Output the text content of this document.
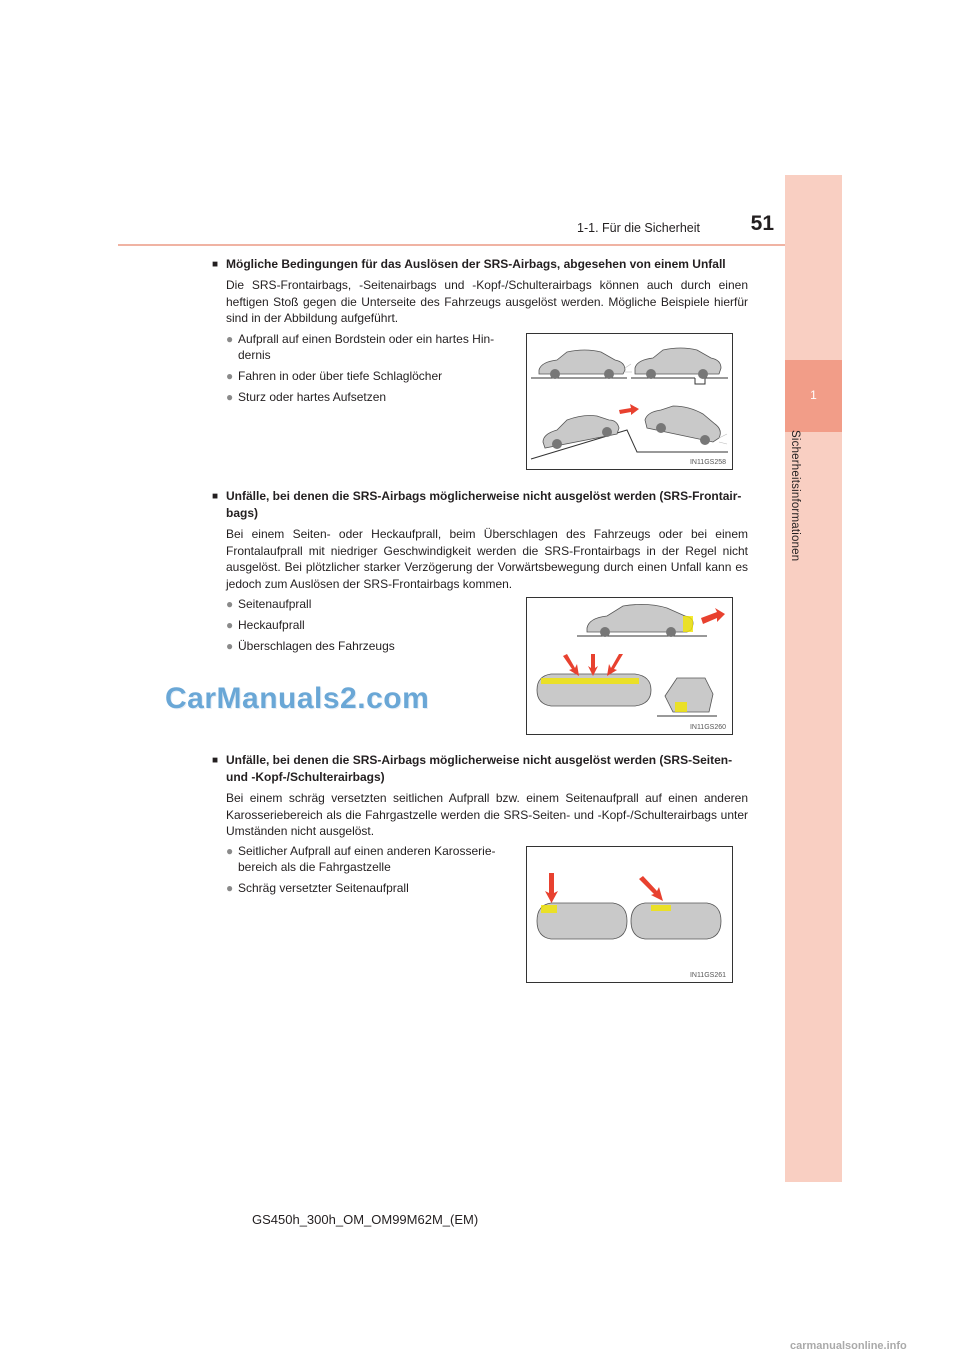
1-1. Für die Sicherheit	51
1
Sicherheitsinformationen
■ Mögliche Bedingungen für das Auslösen der SRS-Airbags, abgesehen von einem Unfall
Die SRS-Frontairbags, -Seitenairbags und -Kopf-/Schulterairbags können auch durch einen heftigen Stoß gegen die Unterseite des Fahrzeugs ausgelöst werden. Mögliche Beispiele hierfür sind in der Abbildung aufgeführt.
● Aufprall auf einen Bordstein oder ein hartes Hin-dernis
● Fahren in oder über tiefe Schlaglöcher
● Sturz oder hartes Aufsetzen
IN11GS258
■ Unfälle, bei denen die SRS-Airbags möglicherweise nicht ausgelöst werden (SRS-Frontair-bags)
Bei einem Seiten- oder Heckaufprall, beim Überschlagen des Fahrzeugs oder bei einem Frontalaufprall mit niedriger Geschwindigkeit werden die SRS-Frontairbags in der Regel nicht ausgelöst. Bei plötzlicher starker Verzögerung der Vorwärtsbewegung durch einen Unfall kann es jedoch zum Auslösen der SRS-Frontairbags kommen.
● Seitenaufprall
● Heckaufprall
● Überschlagen des Fahrzeugs
IN11GS260
CarManuals2.com
■ Unfälle, bei denen die SRS-Airbags möglicherweise nicht ausgelöst werden (SRS-Seiten- und -Kopf-/Schulterairbags)
Bei einem schräg versetzten seitlichen Aufprall bzw. einem Seitenaufprall auf einen anderen Karosseriebereich als die Fahrgastzelle werden die SRS-Seiten- und -Kopf-/Schulterairbags unter Umständen nicht ausgelöst.
● Seitlicher Aufprall auf einen anderen Karosserie-bereich als die Fahrgastzelle
● Schräg versetzter Seitenaufprall
IN11GS261
GS450h_300h_OM_OM99M62M_(EM)
carmanualsonline.info
